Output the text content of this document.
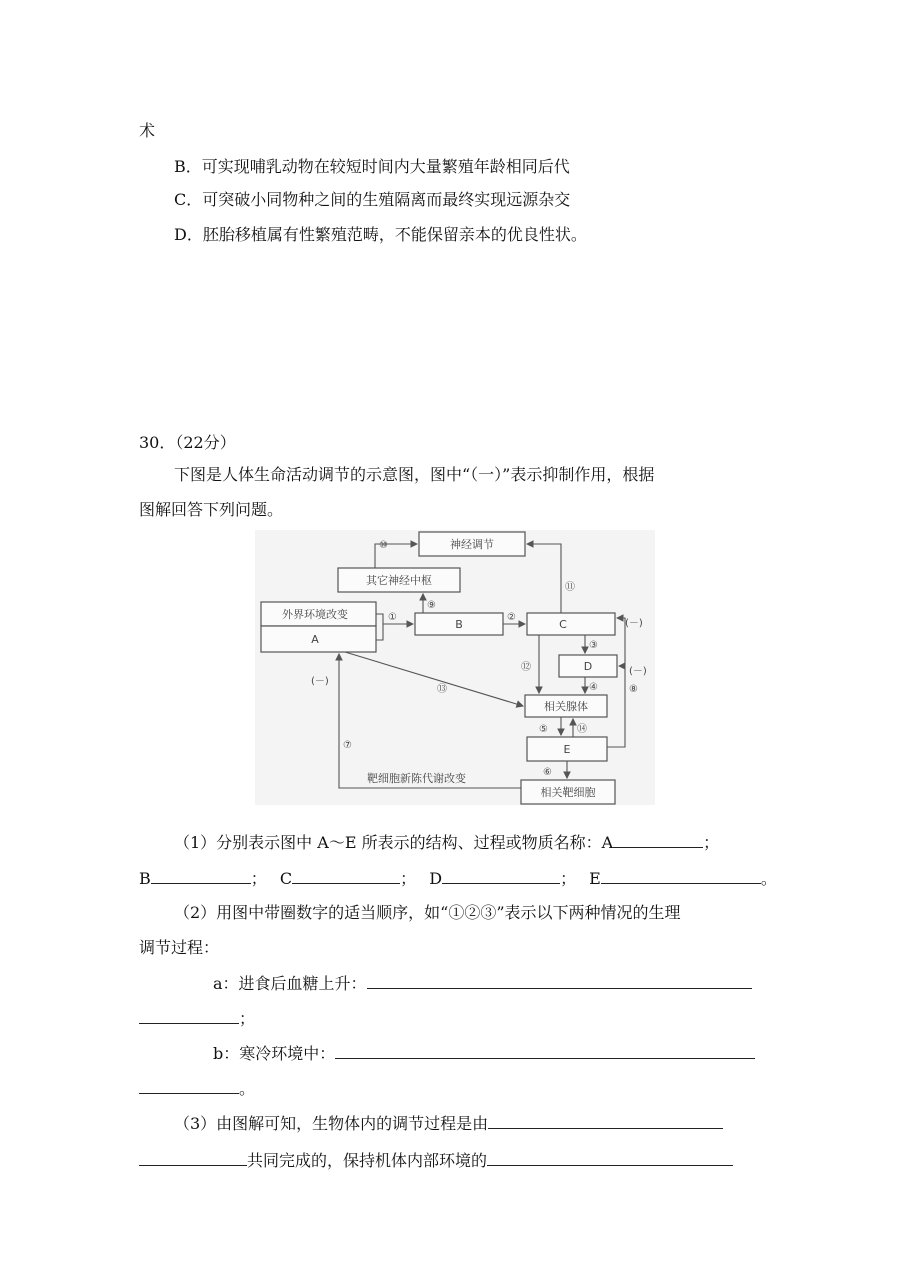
术
B．可实现哺乳动物在较短时间内大量繁殖年龄相同后代
C．可突破小同物种之间的生殖隔离而最终实现远源杂交
D．胚胎移植属有性繁殖范畴，不能保留亲本的优良性状。
30．（22分）
下图是人体生命活动调节的示意图，图中“（一）”表示抑制作用，根据
图解回答下列问题。
神经调节
其它神经中枢
外界环境改变
A
B	C
D
相关腺体
E
相关靶细胞
①	②
③
④
⑤
⑥
⑦
⑧
⑨
⑩
⑪
⑫
⑬
⑭
(－)
(－)
(－)
靶细胞新陈代谢改变
（1）分别表示图中 A～E 所表示的结构、过程或物质名称：A	；
B	； C	； D	； E	。
（2）用图中带圈数字的适当顺序，如“①②③”表示以下两种情况的生理
调节过程：
a：进食后血糖上升：
；
b：寒冷环境中：
。
（3）由图解可知，生物体内的调节过程是由
共同完成的，保持机体内部环境的
